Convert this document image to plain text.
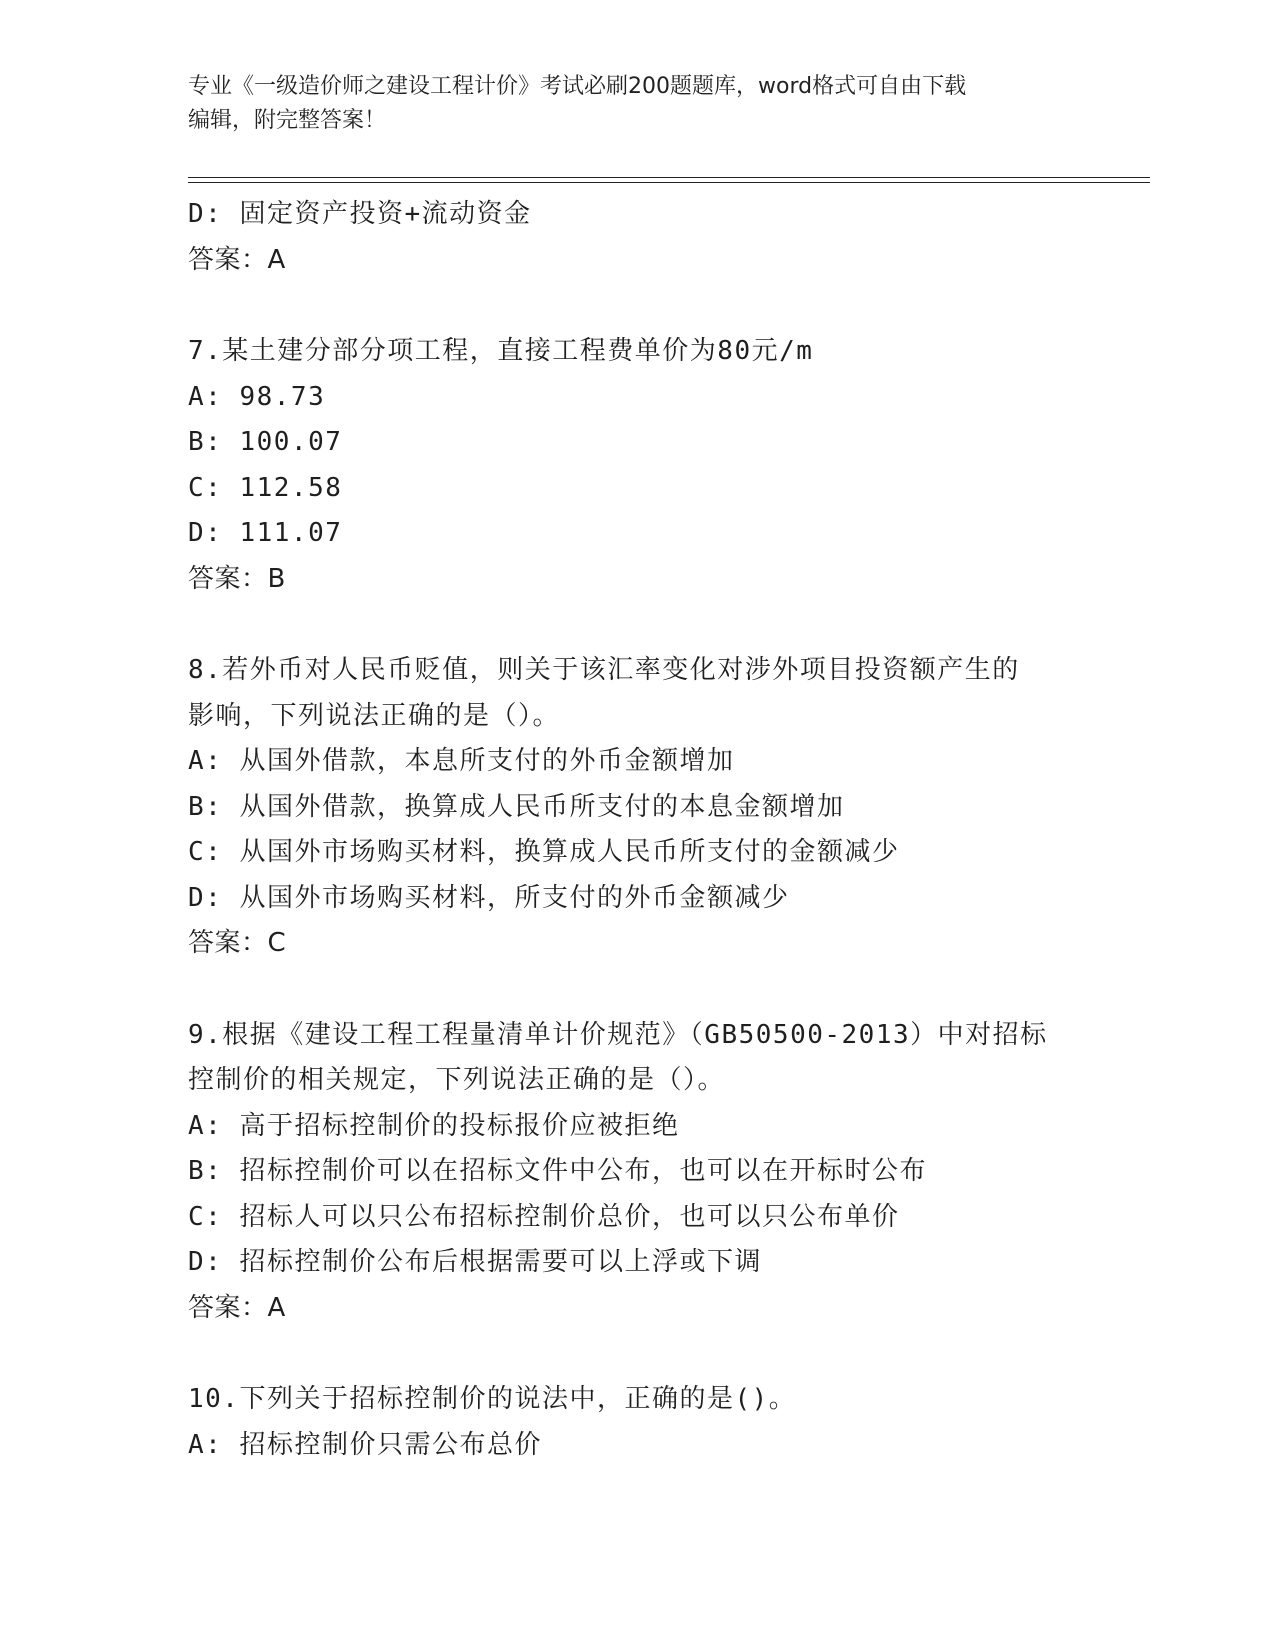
专业《一级造价师之建设工程计价》考试必刷200题题库，word格式可自由下载

编辑，附完整答案！

D: 固定资产投资+流动资金
答案：A
7.某土建分部分项工程，直接工程费单价为80元/m
A: 98.73
B: 100.07
C: 112.58
D: 111.07
答案：B
8.若外币对人民币贬值，则关于该汇率变化对涉外项目投资额产生的
影响，下列说法正确的是（）。
A: 从国外借款，本息所支付的外币金额增加
B: 从国外借款，换算成人民币所支付的本息金额增加
C: 从国外市场购买材料，换算成人民币所支付的金额减少
D: 从国外市场购买材料，所支付的外币金额减少
答案：C
9.根据《建设工程工程量清单计价规范》（GB50500-2013）中对招标
控制价的相关规定，下列说法正确的是（）。
A: 高于招标控制价的投标报价应被拒绝
B: 招标控制价可以在招标文件中公布，也可以在开标时公布
C: 招标人可以只公布招标控制价总价，也可以只公布单价
D: 招标控制价公布后根据需要可以上浮或下调
答案：A
10.下列关于招标控制价的说法中，正确的是()。
A: 招标控制价只需公布总价
